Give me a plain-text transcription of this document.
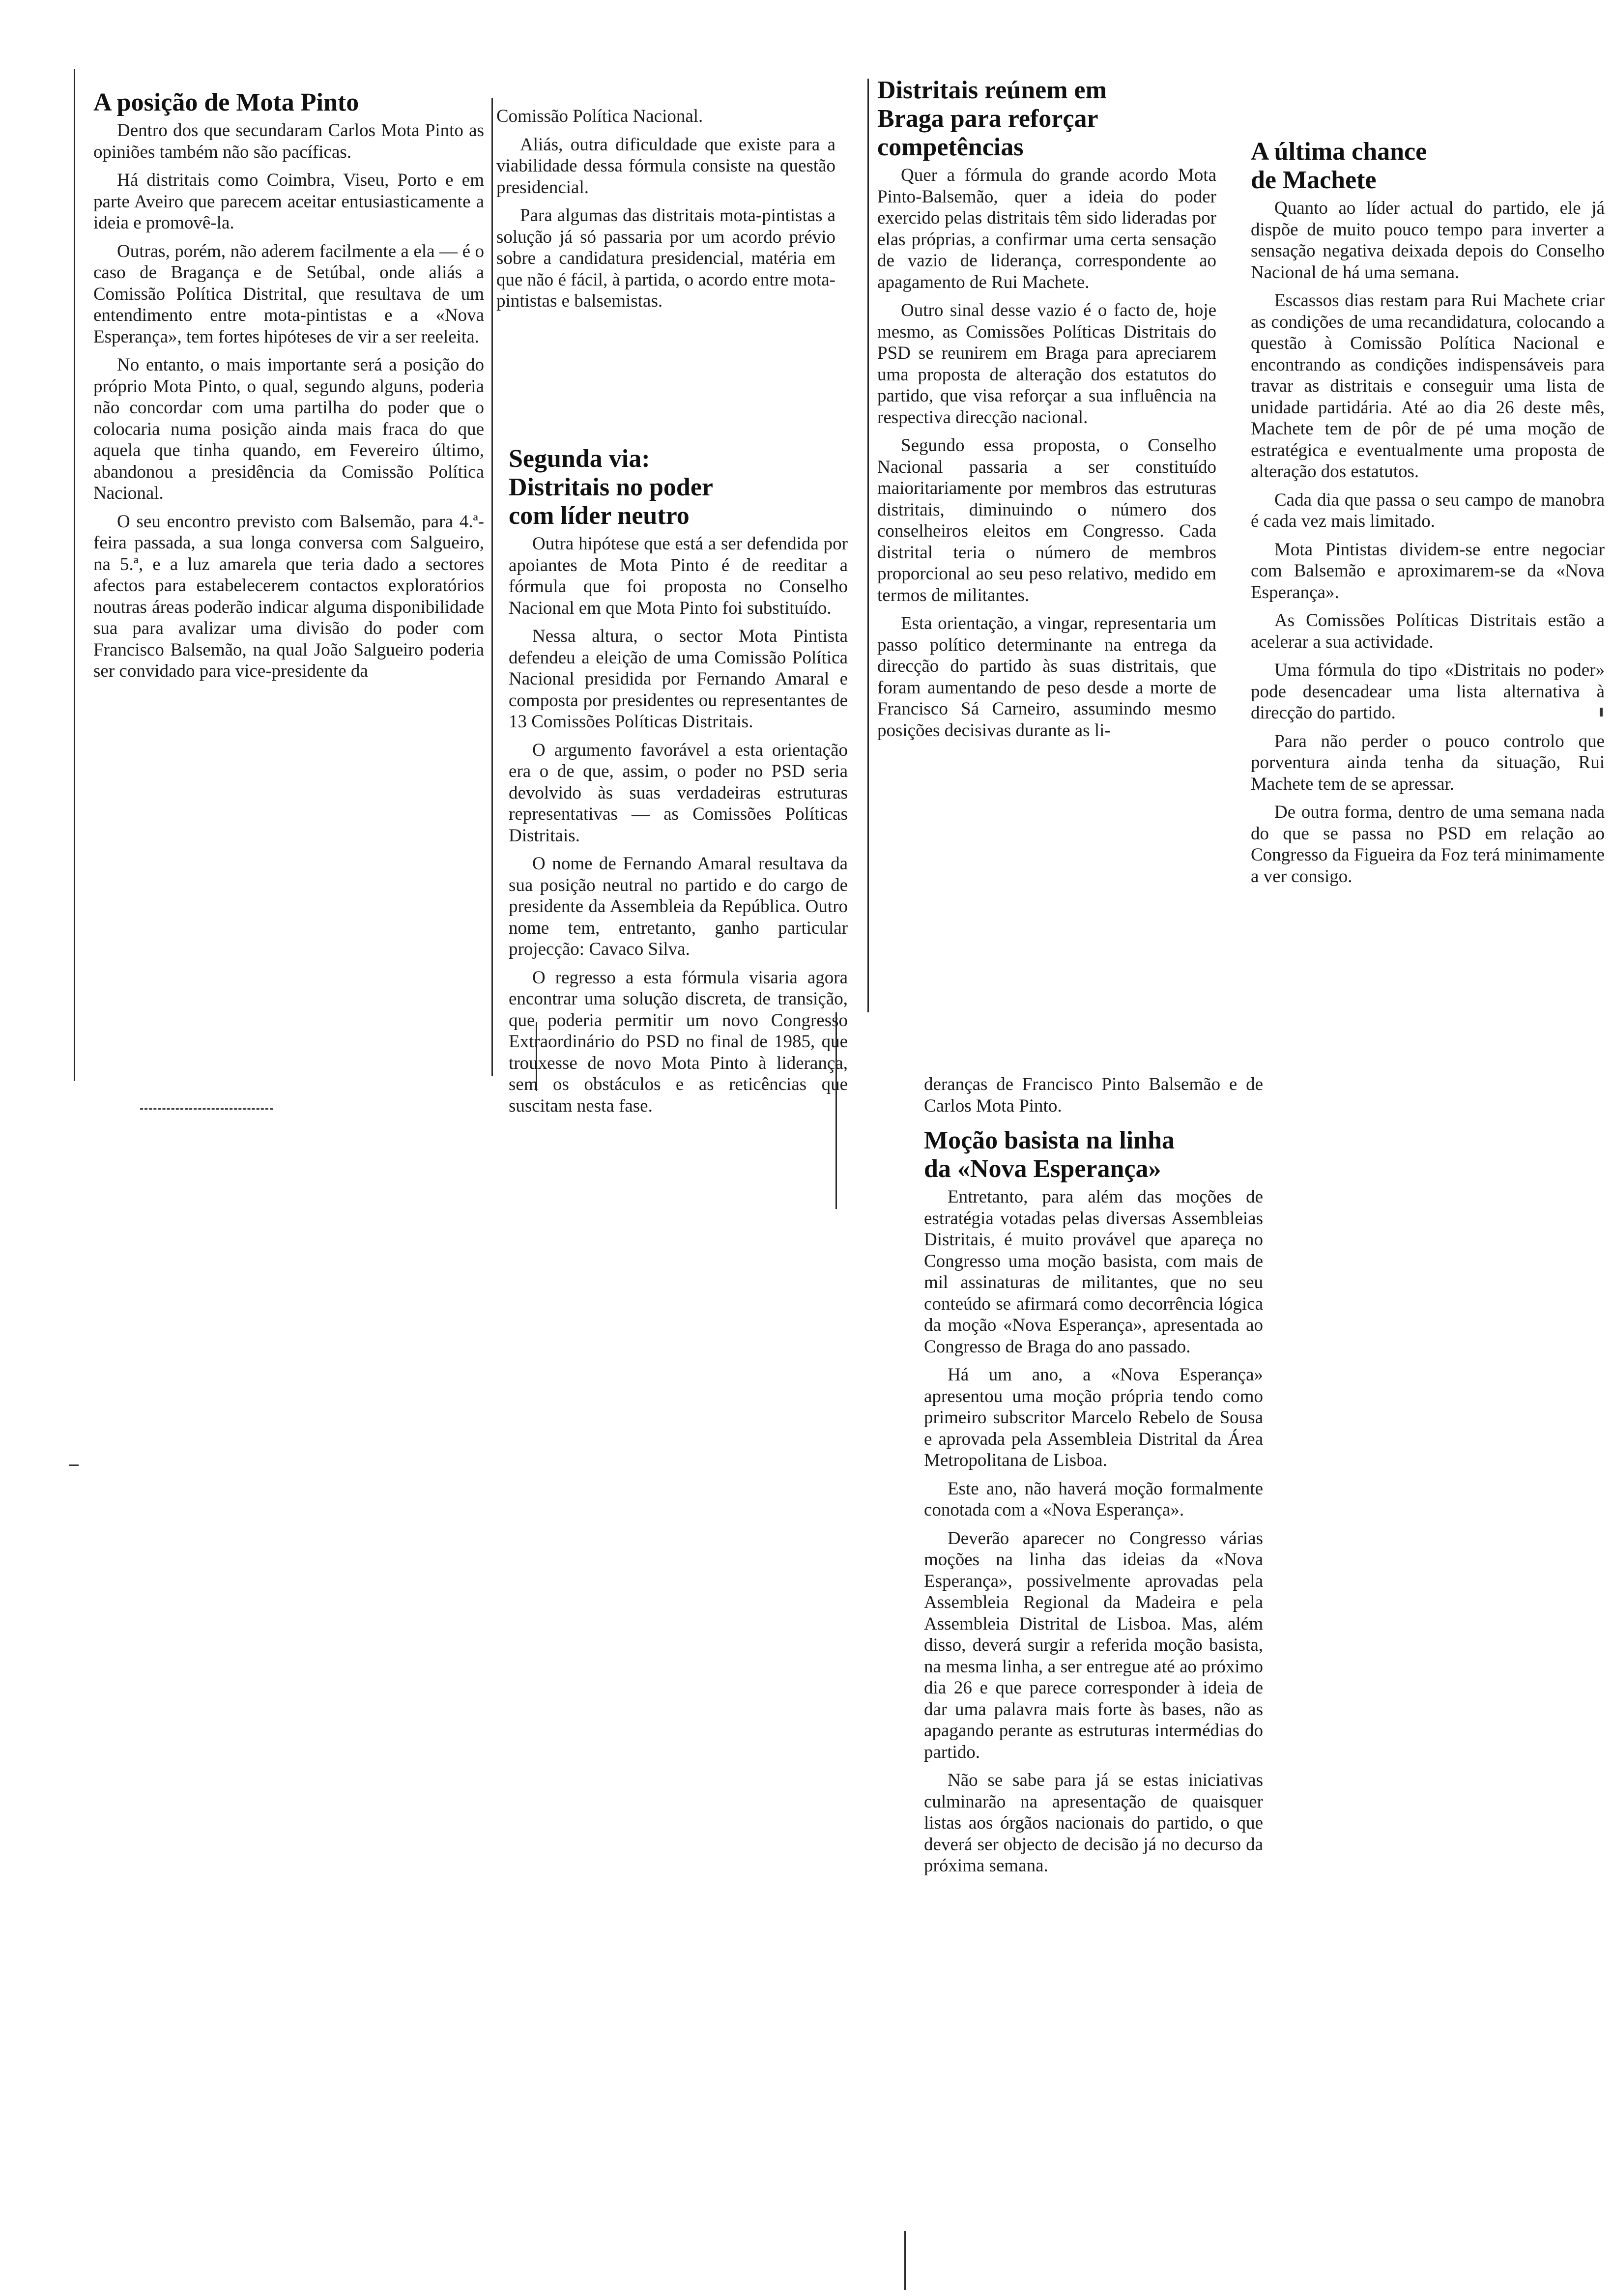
A posição de Mota Pinto

Dentro dos que secundaram Carlos Mota Pinto as opiniões também não são pacíficas.

Há distritais como Coimbra, Viseu, Porto e em parte Aveiro que parecem aceitar entusiasticamente a ideia e promovê-la.

Outras, porém, não aderem facilmente a ela — é o caso de Bragança e de Setúbal, onde aliás a Comissão Política Distrital, que resultava de um entendimento entre mota-pintistas e a «Nova Esperança», tem fortes hipóteses de vir a ser reeleita.

No entanto, o mais importante será a posição do próprio Mota Pinto, o qual, segundo alguns, poderia não concordar com uma partilha do poder que o colocaria numa posição ainda mais fraca do que aquela que tinha quando, em Fevereiro último, abandonou a presidência da Comissão Política Nacional.

O seu encontro previsto com Balsemão, para 4.ª-feira passada, a sua longa conversa com Salgueiro, na 5.ª, e a luz amarela que teria dado a sectores afectos para estabelecerem contactos exploratórios noutras áreas poderão indicar alguma disponibilidade sua para avalizar uma divisão do poder com Francisco Balsemão, na qual João Salgueiro poderia ser convidado para vice-presidente da

Comissão Política Nacional.

Aliás, outra dificuldade que existe para a viabilidade dessa fórmula consiste na questão presidencial.

Para algumas das distritais mota-pintistas a solução já só passaria por um acordo prévio sobre a candidatura presidencial, matéria em que não é fácil, à partida, o acordo entre mota-pintistas e balsemistas.

Segunda via:
Distritais no poder
com líder neutro

Outra hipótese que está a ser defendida por apoiantes de Mota Pinto é de reeditar a fórmula que foi proposta no Conselho Nacional em que Mota Pinto foi substituído.

Nessa altura, o sector Mota Pintista defendeu a eleição de uma Comissão Política Nacional presidida por Fernando Amaral e composta por presidentes ou representantes de 13 Comissões Políticas Distritais.

O argumento favorável a esta orientação era o de que, assim, o poder no PSD seria devolvido às suas verdadeiras estruturas representativas — as Comissões Políticas Distritais.

O nome de Fernando Amaral resultava da sua posição neutral no partido e do cargo de presidente da Assembleia da República. Outro nome tem, entretanto, ganho particular projecção: Cavaco Silva.

O regresso a esta fórmula visaria agora encontrar uma solução discreta, de transição, que poderia permitir um novo Congresso Extraordinário do PSD no final de 1985, que trouxesse de novo Mota Pinto à liderança, sem os obstáculos e as reticências que suscitam nesta fase.

Distritais reúnem em
Braga para reforçar
competências

Quer a fórmula do grande acordo Mota Pinto-Balsemão, quer a ideia do poder exercido pelas distritais têm sido lideradas por elas próprias, a confirmar uma certa sensação de vazio de liderança, correspondente ao apagamento de Rui Machete.

Outro sinal desse vazio é o facto de, hoje mesmo, as Comissões Políticas Distritais do PSD se reunirem em Braga para apreciarem uma proposta de alteração dos estatutos do partido, que visa reforçar a sua influência na respectiva direcção nacional.

Segundo essa proposta, o Conselho Nacional passaria a ser constituído maioritariamente por membros das estruturas distritais, diminuindo o número dos conselheiros eleitos em Congresso. Cada distrital teria o número de membros proporcional ao seu peso relativo, medido em termos de militantes.

Esta orientação, a vingar, representaria um passo político determinante na entrega da direcção do partido às suas distritais, que foram aumentando de peso desde a morte de Francisco Sá Carneiro, assumindo mesmo posições decisivas durante as li-

deranças de Francisco Pinto Balsemão e de Carlos Mota Pinto.

Moção basista na linha
da «Nova Esperança»

Entretanto, para além das moções de estratégia votadas pelas diversas Assembleias Distritais, é muito provável que apareça no Congresso uma moção basista, com mais de mil assinaturas de militantes, que no seu conteúdo se afirmará como decorrência lógica da moção «Nova Esperança», apresentada ao Congresso de Braga do ano passado.

Há um ano, a «Nova Esperança» apresentou uma moção própria tendo como primeiro subscritor Marcelo Rebelo de Sousa e aprovada pela Assembleia Distrital da Área Metropolitana de Lisboa.

Este ano, não haverá moção formalmente conotada com a «Nova Esperança».

Deverão aparecer no Congresso várias moções na linha das ideias da «Nova Esperança», possivelmente aprovadas pela Assembleia Regional da Madeira e pela Assembleia Distrital de Lisboa. Mas, além disso, deverá surgir a referida moção basista, na mesma linha, a ser entregue até ao próximo dia 26 e que parece corresponder à ideia de dar uma palavra mais forte às bases, não as apagando perante as estruturas intermédias do partido.

Não se sabe para já se estas iniciativas culminarão na apresentação de quaisquer listas aos órgãos nacionais do partido, o que deverá ser objecto de decisão já no decurso da próxima semana.

A última chance
de Machete

Quanto ao líder actual do partido, ele já dispõe de muito pouco tempo para inverter a sensação negativa deixada depois do Conselho Nacional de há uma semana.

Escassos dias restam para Rui Machete criar as condições de uma recandidatura, colocando a questão à Comissão Política Nacional e encontrando as condições indispensáveis para travar as distritais e conseguir uma lista de unidade partidária. Até ao dia 26 deste mês, Machete tem de pôr de pé uma moção de estratégica e eventualmente uma proposta de alteração dos estatutos.

Cada dia que passa o seu campo de manobra é cada vez mais limitado.

Mota Pintistas dividem-se entre negociar com Balsemão e aproximarem-se da «Nova Esperança».

As Comissões Políticas Distritais estão a acelerar a sua actividade.

Uma fórmula do tipo «Distritais no poder» pode desencadear uma lista alternativa à direcção do partido.

Para não perder o pouco controlo que porventura ainda tenha da situação, Rui Machete tem de se apressar.

De outra forma, dentro de uma semana nada do que se passa no PSD em relação ao Congresso da Figueira da Foz terá minimamente a ver consigo.
